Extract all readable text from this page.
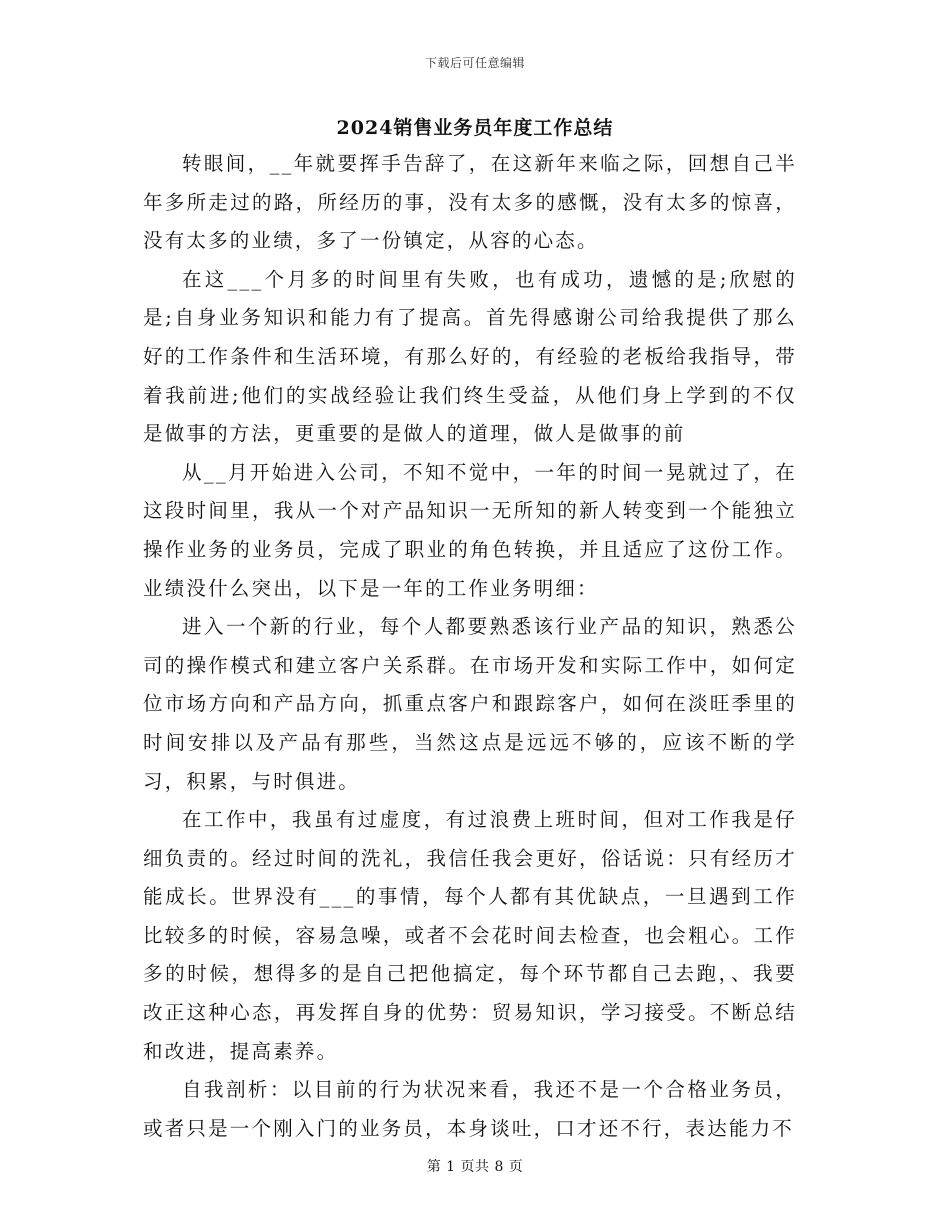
下载后可任意编辑
2024销售业务员年度工作总结

转眼间，__年就要挥手告辞了，在这新年来临之际，回想自己半年多所走过的路，所经历的事，没有太多的感慨，没有太多的惊喜，没有太多的业绩，多了一份镇定，从容的心态。

在这___个月多的时间里有失败，也有成功，遗憾的是;欣慰的是;自身业务知识和能力有了提高。首先得感谢公司给我提供了那么好的工作条件和生活环境，有那么好的，有经验的老板给我指导，带着我前进;他们的实战经验让我们终生受益，从他们身上学到的不仅是做事的方法，更重要的是做人的道理，做人是做事的前

从__月开始进入公司，不知不觉中，一年的时间一晃就过了，在这段时间里，我从一个对产品知识一无所知的新人转变到一个能独立操作业务的业务员，完成了职业的角色转换，并且适应了这份工作。业绩没什么突出，以下是一年的工作业务明细：

进入一个新的行业，每个人都要熟悉该行业产品的知识，熟悉公司的操作模式和建立客户关系群。在市场开发和实际工作中，如何定位市场方向和产品方向，抓重点客户和跟踪客户，如何在淡旺季里的时间安排以及产品有那些，当然这点是远远不够的，应该不断的学习，积累，与时俱进。

在工作中，我虽有过虚度，有过浪费上班时间，但对工作我是仔细负责的。经过时间的洗礼，我信任我会更好，俗话说：只有经历才能成长。世界没有___的事情，每个人都有其优缺点，一旦遇到工作比较多的时候，容易急噪，或者不会花时间去检查，也会粗心。工作多的时候，想得多的是自己把他搞定，每个环节都自己去跑，、我要改正这种心态，再发挥自身的优势：贸易知识，学习接受。不断总结和改进，提高素养。

自我剖析：以目前的行为状况来看，我还不是一个合格业务员，或者只是一个刚入门的业务员，本身谈吐，口才还不行，表达能力不

第 1 页共 8 页
